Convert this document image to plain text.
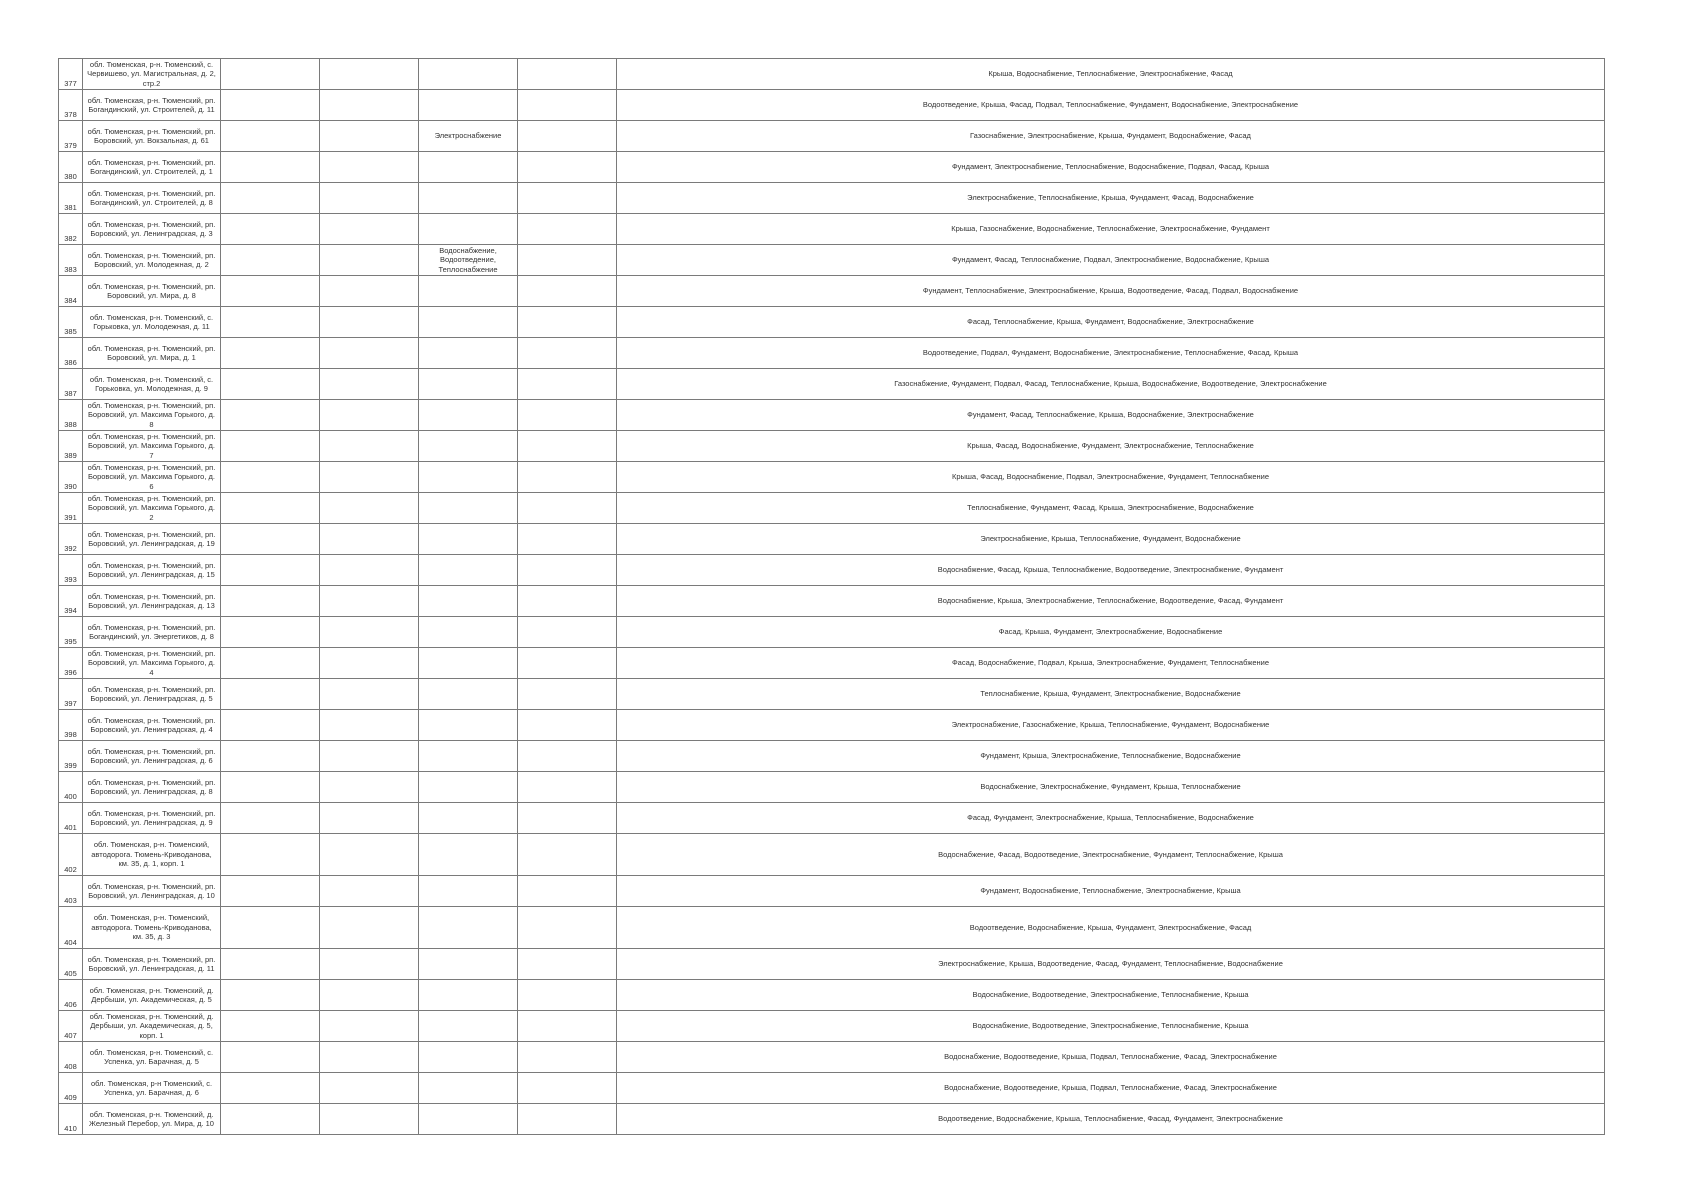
377	обл. Тюменская, р-н. Тюменский, с. Червишево, ул. Магистральная, д. 2, стр.2					Крыша, Водоснабжение, Теплоснабжение, Электроснабжение, Фасад
378	обл. Тюменская, р-н. Тюменский, рп. Богандинский, ул. Строителей, д. 11					Водоотведение, Крыша, Фасад, Подвал, Теплоснабжение, Фундамент, Водоснабжение, Электроснабжение
379	обл. Тюменская, р-н. Тюменский, рп. Боровский, ул. Вокзальная, д. 61			Электроснабжение		Газоснабжение, Электроснабжение, Крыша, Фундамент, Водоснабжение, Фасад
380	обл. Тюменская, р-н. Тюменский, рп. Богандинский, ул. Строителей, д. 1					Фундамент, Электроснабжение, Теплоснабжение, Водоснабжение, Подвал, Фасад, Крыша
381	обл. Тюменская, р-н. Тюменский, рп. Богандинский, ул. Строителей, д. 8					Электроснабжение, Теплоснабжение, Крыша, Фундамент, Фасад, Водоснабжение
382	обл. Тюменская, р-н. Тюменский, рп. Боровский, ул. Ленинградская, д. 3					Крыша, Газоснабжение, Водоснабжение, Теплоснабжение, Электроснабжение, Фундамент
383	обл. Тюменская, р-н. Тюменский, рп. Боровский, ул. Молодежная, д. 2			Водоснабжение, Водоотведение, Теплоснабжение		Фундамент, Фасад, Теплоснабжение, Подвал, Электроснабжение, Водоснабжение, Крыша
384	обл. Тюменская, р-н. Тюменский, рп. Боровский, ул. Мира, д. 8					Фундамент, Теплоснабжение, Электроснабжение, Крыша, Водоотведение, Фасад, Подвал, Водоснабжение
385	обл. Тюменская, р-н. Тюменский, с. Горьковка, ул. Молодежная, д. 11					Фасад, Теплоснабжение, Крыша, Фундамент, Водоснабжение, Электроснабжение
386	обл. Тюменская, р-н. Тюменский, рп. Боровский, ул. Мира, д. 1					Водоотведение, Подвал, Фундамент, Водоснабжение, Электроснабжение, Теплоснабжение, Фасад, Крыша
387	обл. Тюменская, р-н. Тюменский, с. Горьковка, ул. Молодежная, д. 9					Газоснабжение, Фундамент, Подвал, Фасад, Теплоснабжение, Крыша, Водоснабжение, Водоотведение, Электроснабжение
388	обл. Тюменская, р-н. Тюменский, рп. Боровский, ул. Максима Горького, д. 8					Фундамент, Фасад, Теплоснабжение, Крыша, Водоснабжение, Электроснабжение
389	обл. Тюменская, р-н. Тюменский, рп. Боровский, ул. Максима Горького, д. 7					Крыша, Фасад, Водоснабжение, Фундамент, Электроснабжение, Теплоснабжение
390	обл. Тюменская, р-н. Тюменский, рп. Боровский, ул. Максима Горького, д. 6					Крыша, Фасад, Водоснабжение, Подвал, Электроснабжение, Фундамент, Теплоснабжение
391	обл. Тюменская, р-н. Тюменский, рп. Боровский, ул. Максима Горького, д. 2					Теплоснабжение, Фундамент, Фасад, Крыша, Электроснабжение, Водоснабжение
392	обл. Тюменская, р-н. Тюменский, рп. Боровский, ул. Ленинградская, д. 19					Электроснабжение, Крыша, Теплоснабжение, Фундамент, Водоснабжение
393	обл. Тюменская, р-н. Тюменский, рп. Боровский, ул. Ленинградская, д. 15					Водоснабжение, Фасад, Крыша, Теплоснабжение, Водоотведение, Электроснабжение, Фундамент
394	обл. Тюменская, р-н. Тюменский, рп. Боровский, ул. Ленинградская, д. 13					Водоснабжение, Крыша, Электроснабжение, Теплоснабжение, Водоотведение, Фасад, Фундамент
395	обл. Тюменская, р-н. Тюменский, рп. Богандинский, ул. Энергетиков, д. 8					Фасад, Крыша, Фундамент, Электроснабжение, Водоснабжение
396	обл. Тюменская, р-н. Тюменский, рп. Боровский, ул. Максима Горького, д. 4					Фасад, Водоснабжение, Подвал, Крыша, Электроснабжение, Фундамент, Теплоснабжение
397	обл. Тюменская, р-н. Тюменский, рп. Боровский, ул. Ленинградская, д. 5					Теплоснабжение, Крыша, Фундамент, Электроснабжение, Водоснабжение
398	обл. Тюменская, р-н. Тюменский, рп. Боровский, ул. Ленинградская, д. 4					Электроснабжение, Газоснабжение, Крыша, Теплоснабжение, Фундамент, Водоснабжение
399	обл. Тюменская, р-н. Тюменский, рп. Боровский, ул. Ленинградская, д. 6					Фундамент, Крыша, Электроснабжение, Теплоснабжение, Водоснабжение
400	обл. Тюменская, р-н. Тюменский, рп. Боровский, ул. Ленинградская, д. 8					Водоснабжение, Электроснабжение, Фундамент, Крыша, Теплоснабжение
401	обл. Тюменская, р-н. Тюменский, рп. Боровский, ул. Ленинградская, д. 9					Фасад, Фундамент, Электроснабжение, Крыша, Теплоснабжение, Водоснабжение
402	обл. Тюменская, р-н. Тюменский, автодорога. Тюмень-Криводанова, км. 35, д. 1, корп. 1					Водоснабжение, Фасад, Водоотведение, Электроснабжение, Фундамент, Теплоснабжение, Крыша
403	обл. Тюменская, р-н. Тюменский, рп. Боровский, ул. Ленинградская, д. 10					Фундамент, Водоснабжение, Теплоснабжение, Электроснабжение, Крыша
404	обл. Тюменская, р-н. Тюменский, автодорога. Тюмень-Криводанова, км. 35, д. 3					Водоотведение, Водоснабжение, Крыша, Фундамент, Электроснабжение, Фасад
405	обл. Тюменская, р-н. Тюменский, рп. Боровский, ул. Ленинградская, д. 11					Электроснабжение, Крыша, Водоотведение, Фасад, Фундамент, Теплоснабжение, Водоснабжение
406	обл. Тюменская, р-н. Тюменский, д. Дербыши, ул. Академическая, д. 5					Водоснабжение, Водоотведение, Электроснабжение, Теплоснабжение, Крыша
407	обл. Тюменская, р-н. Тюменский, д. Дербыши, ул. Академическая, д. 5, корп. 1					Водоснабжение, Водоотведение, Электроснабжение, Теплоснабжение, Крыша
408	обл. Тюменская, р-н. Тюменский, с. Успенка, ул. Барачная, д. 5					Водоснабжение, Водоотведение, Крыша, Подвал, Теплоснабжение, Фасад, Электроснабжение
409	обл. Тюменская, р-н Тюменский, с. Успенка, ул. Барачная, д. 6					Водоснабжение, Водоотведение, Крыша, Подвал, Теплоснабжение, Фасад, Электроснабжение
410	обл. Тюменская, р-н. Тюменский, д. Железный Перебор, ул. Мира, д. 10					Водоотведение, Водоснабжение, Крыша, Теплоснабжение, Фасад, Фундамент, Электроснабжение
